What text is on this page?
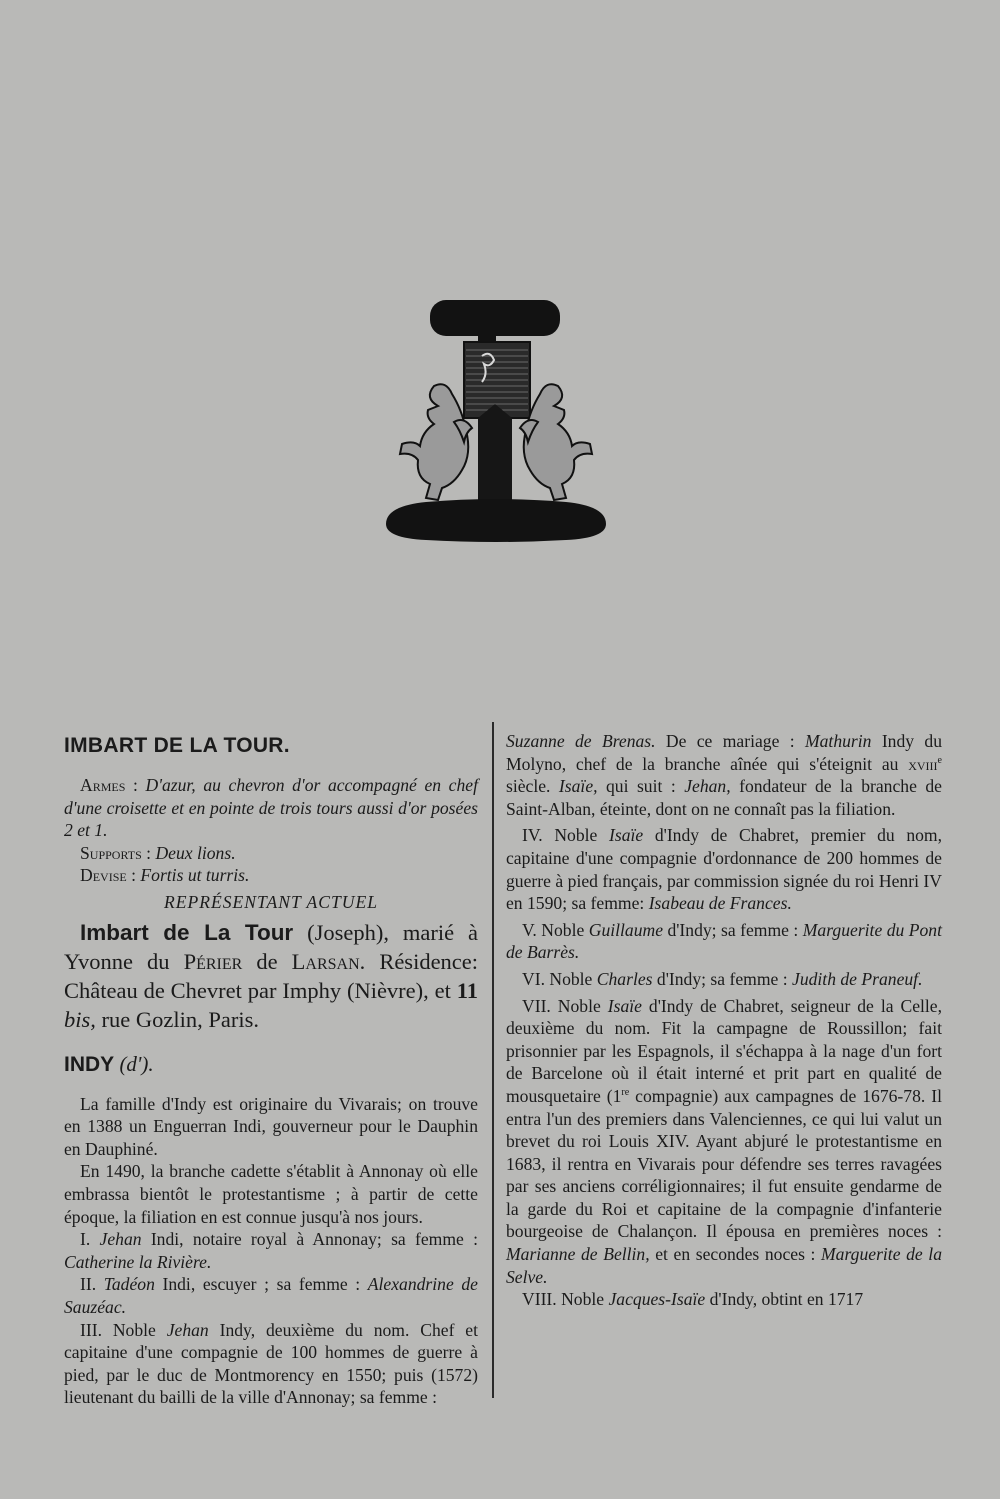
IMBART DE LA TOUR.

Armes : D'azur, au chevron d'or accompagné en chef d'une croisette et en pointe de trois tours aussi d'or posées 2 et 1.

Supports : Deux lions.

Devise : Fortis ut turris.

REPRÉSENTANT ACTUEL

Imbart de La Tour (Joseph), marié à Yvonne du Périer de Larsan. Résidence: Château de Chevret par Imphy (Nièvre), et 11 bis, rue Gozlin, Paris.

INDY (d').

La famille d'Indy est originaire du Vivarais; on trouve en 1388 un Enguerran Indi, gouverneur pour le Dauphin en Dauphiné.

En 1490, la branche cadette s'établit à Annonay où elle embrassa bientôt le protestantisme ; à partir de cette époque, la filiation en est connue jusqu'à nos jours.

I. Jehan Indi, notaire royal à Annonay; sa femme : Catherine la Rivière.

II. Tadéon Indi, escuyer ; sa femme : Alexandrine de Sauzéac.

III. Noble Jehan Indy, deuxième du nom. Chef et capitaine d'une compagnie de 100 hommes de guerre à pied, par le duc de Montmorency en 1550; puis (1572) lieutenant du bailli de la ville d'Annonay; sa femme :

Suzanne de Brenas. De ce mariage : Mathurin Indy du Molyno, chef de la branche aînée qui s'éteignit au xviii$^e$ siècle. Isaïe, qui suit : Jehan, fondateur de la branche de Saint-Alban, éteinte, dont on ne connaît pas la filiation.

IV. Noble Isaïe d'Indy de Chabret, premier du nom, capitaine d'une compagnie d'ordonnance de 200 hommes de guerre à pied français, par commission signée du roi Henri IV en 1590; sa femme: Isabeau de Frances.

V. Noble Guillaume d'Indy; sa femme : Marguerite du Pont de Barrès.

VI. Noble Charles d'Indy; sa femme : Judith de Praneuf.

VII. Noble Isaïe d'Indy de Chabret, seigneur de la Celle, deuxième du nom. Fit la campagne de Roussillon; fait prisonnier par les Espagnols, il s'échappa à la nage d'un fort de Barcelone où il était interné et prit part en qualité de mousquetaire (1re compagnie) aux campagnes de 1676-78. Il entra l'un des premiers dans Valenciennes, ce qui lui valut un brevet du roi Louis XIV. Ayant abjuré le protestantisme en 1683, il rentra en Vivarais pour défendre ses terres ravagées par ses anciens corréligionnaires; il fut ensuite gendarme de la garde du Roi et capitaine de la compagnie d'infanterie bourgeoise de Chalançon. Il épousa en premières noces : Marianne de Bellin, et en secondes noces : Marguerite de la Selve.

VIII. Noble Jacques-Isaïe d'Indy, obtint en 1717
